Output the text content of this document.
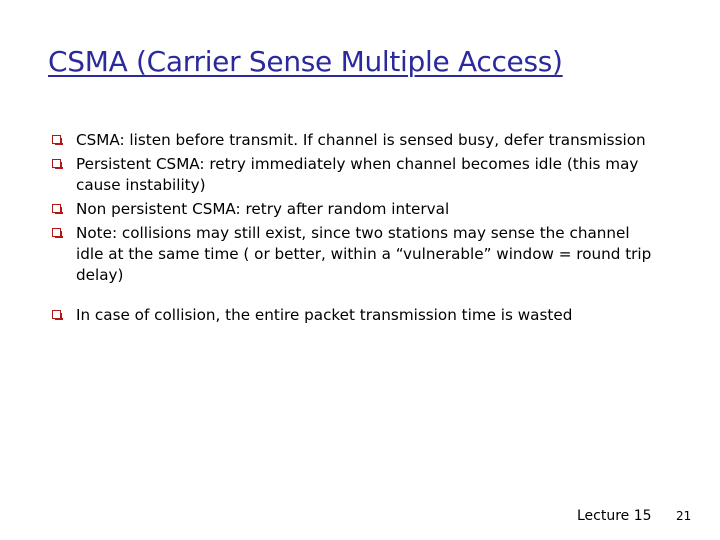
CSMA (Carrier Sense Multiple Access)
CSMA: listen before transmit. If channel is sensed busy, defer transmission
Persistent CSMA: retry immediately when channel becomes idle (this may cause instability)
Non persistent CSMA: retry after random interval
Note: collisions may still exist, since two stations may sense the channel idle at the same time ( or better, within a “vulnerable” window = round trip delay)
In case of collision, the entire packet transmission time is wasted
Lecture 15 21
